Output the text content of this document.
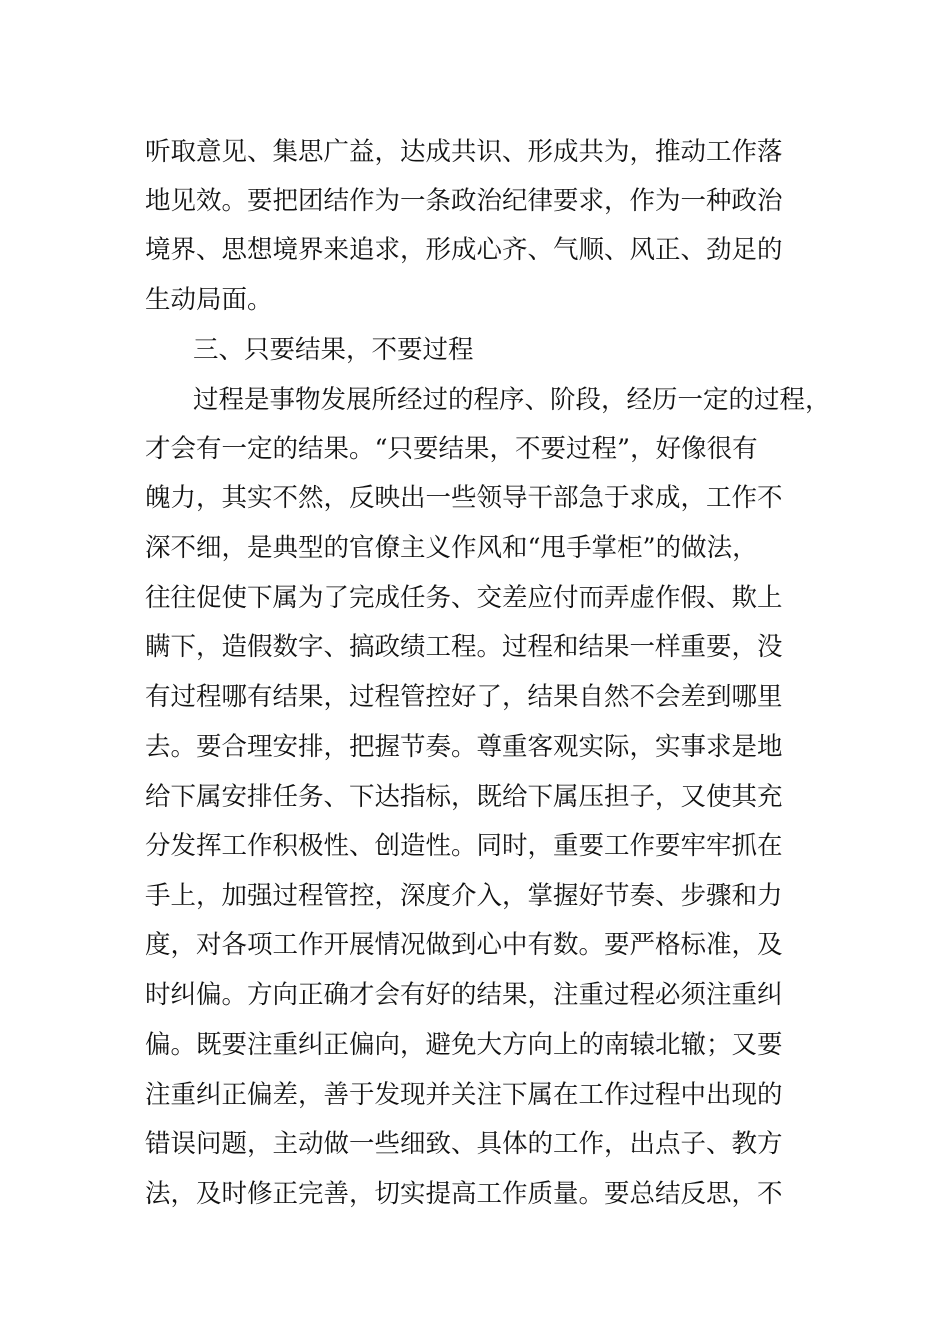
听取意见、集思广益，达成共识、形成共为，推动工作落
地见效。要把团结作为一条政治纪律要求，作为一种政治
境界、思想境界来追求，形成心齐、气顺、风正、劲足的
生动局面。
三、只要结果，不要过程
过程是事物发展所经过的程序、阶段，经历一定的过程，
才会有一定的结果。“只要结果，不要过程”，好像很有
魄力，其实不然，反映出一些领导干部急于求成，工作不
深不细，是典型的官僚主义作风和“甩手掌柜”的做法，
往往促使下属为了完成任务、交差应付而弄虚作假、欺上
瞒下，造假数字、搞政绩工程。过程和结果一样重要，没
有过程哪有结果，过程管控好了，结果自然不会差到哪里
去。要合理安排，把握节奏。尊重客观实际，实事求是地
给下属安排任务、下达指标，既给下属压担子，又使其充
分发挥工作积极性、创造性。同时，重要工作要牢牢抓在
手上，加强过程管控，深度介入，掌握好节奏、步骤和力
度，对各项工作开展情况做到心中有数。要严格标准，及
时纠偏。方向正确才会有好的结果，注重过程必须注重纠
偏。既要注重纠正偏向，避免大方向上的南辕北辙；又要
注重纠正偏差，善于发现并关注下属在工作过程中出现的
错误问题，主动做一些细致、具体的工作，出点子、教方
法，及时修正完善，切实提高工作质量。要总结反思，不
